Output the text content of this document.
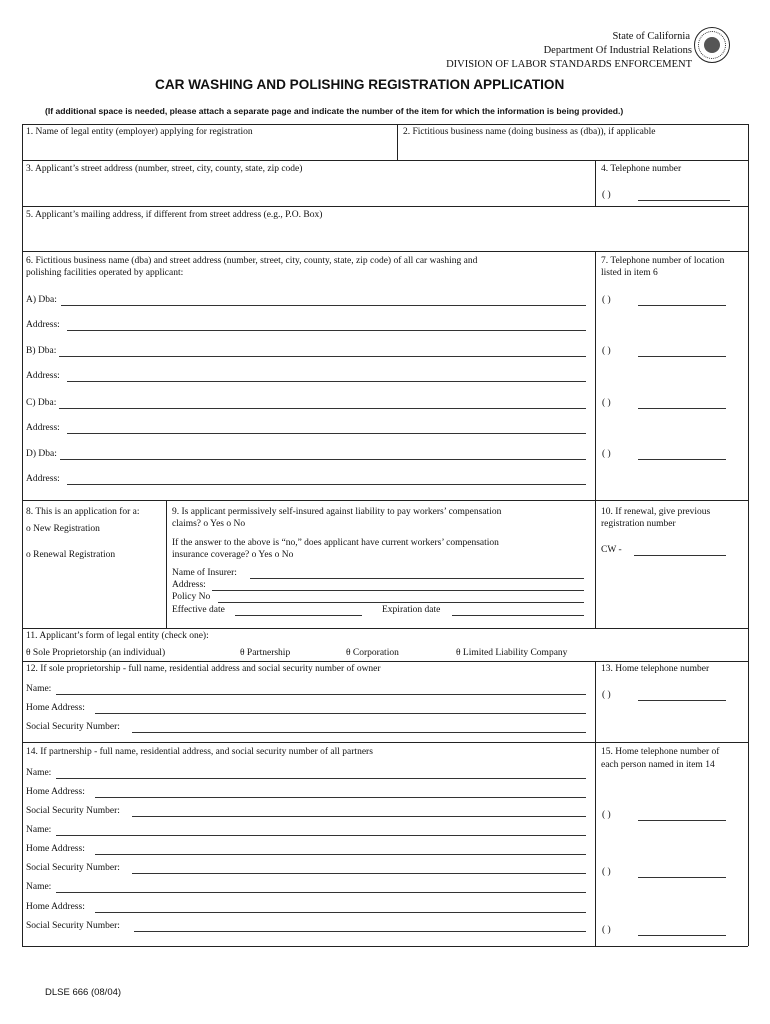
State of California
Department Of Industrial Relations
DIVISION OF LABOR STANDARDS ENFORCEMENT
CAR WASHING AND POLISHING REGISTRATION APPLICATION
(If additional space is needed, please attach a separate page and indicate the number of the item for which the information is being provided.)
1. Name of legal entity (employer) applying for registration	2. Fictitious business name (doing business as (dba)), if applicable
3. Applicant’s street address (number, street, city, county, state, zip code)	4. Telephone number
( )
5. Applicant’s mailing address, if different from street address (e.g., P.O. Box)
6. Fictitious business name (dba) and street address (number, street, city, county, state, zip code) of all car washing and
polishing facilities operated by applicant:
7. Telephone number of location
listed in item 6
A) Dba:	( )
Address:
B) Dba:	( )
Address:
C) Dba:	( )
Address:
D) Dba:	( )
Address:
8. This is an application for a:
o New Registration
o Renewal Registration
9. Is applicant permissively self-insured against liability to pay workers’ compensation
claims? o Yes o No
If the answer to the above is “no,” does applicant have current workers’ compensation
insurance coverage? o Yes o No
Name of Insurer:
Address:
Policy No
Effective date	Expiration date
10. If renewal, give previous
registration number
CW -
11. Applicant’s form of legal entity (check one):
θ Sole Proprietorship (an individual)	θ Partnership	θ Corporation	θ Limited Liability Company
12. If sole proprietorship - full name, residential address and social security number of owner	13. Home telephone number
Name:
( )
Home Address:
Social Security Number:
14. If partnership - full name, residential address, and social security number of all partners	15. Home telephone number of
each person named in item 14
Name:
Home Address:
Social Security Number:	( )
Name:
Home Address:
Social Security Number:	( )
Name:
Home Address:
Social Security Number:	( )
DLSE 666 (08/04)
